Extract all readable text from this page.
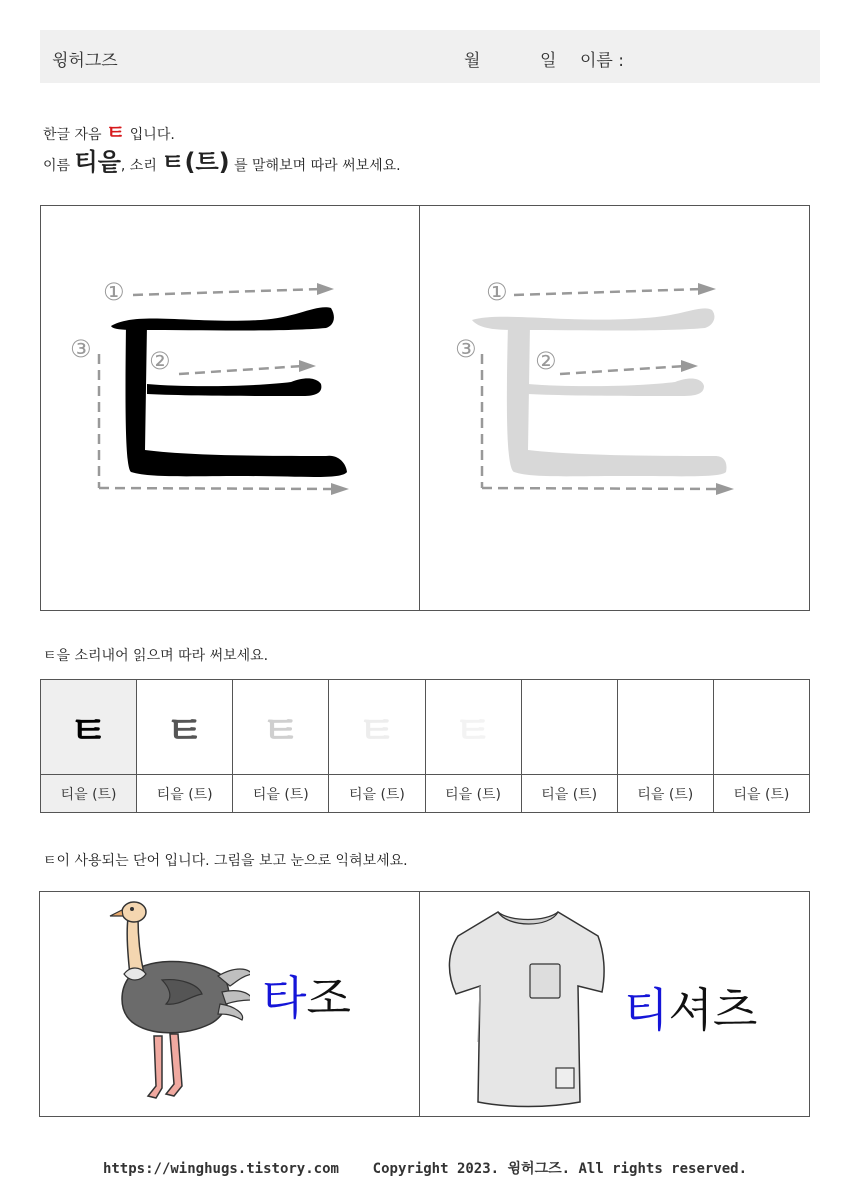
윙허그즈	월	일 이름 :
한글 자음 ㅌ 입니다.
이름 티읕, 소리 ㅌ(트) 를 말해보며 따라 써보세요.
①
②
③
①
②
③
ㅌ을 소리내어 읽으며 따라 써보세요.
ㅌ	ㅌ	ㅌ	ㅌ	ㅌ			
티읕 (트)	티읕 (트)	티읕 (트)	티읕 (트)	티읕 (트)	티읕 (트)	티읕 (트)	티읕 (트)
ㅌ이 사용되는 단어 입니다. 그림을 보고 눈으로 익혀보세요.
타조	티셔츠
https://winghugs.tistory.com    Copyright 2023. 윙허그즈. All rights reserved.
